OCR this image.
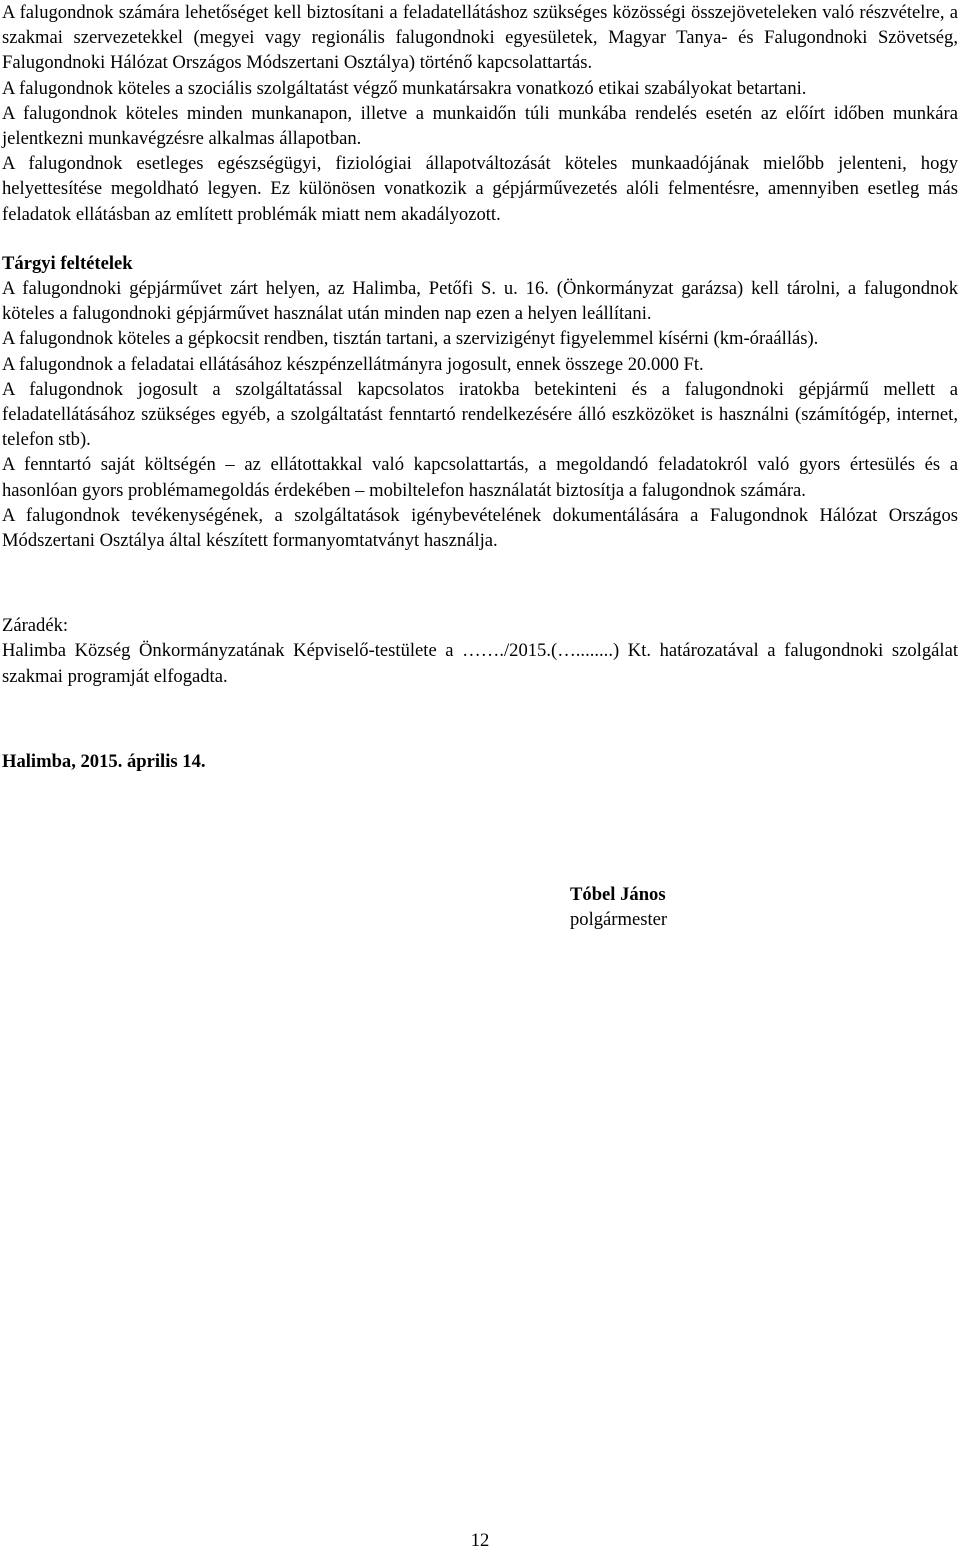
A falugondnok számára lehetőséget kell biztosítani a feladatellátáshoz szükséges közösségi összejöveteleken való részvételre, a szakmai szervezetekkel (megyei vagy regionális falugondnoki egyesületek, Magyar Tanya- és Falugondnoki Szövetség, Falugondnoki Hálózat Országos Módszertani Osztálya) történő kapcsolattartás.

A falugondnok köteles a szociális szolgáltatást végző munkatársakra vonatkozó etikai szabályokat betartani.

A falugondnok köteles minden munkanapon, illetve a munkaidőn túli munkába rendelés esetén az előírt időben munkára jelentkezni munkavégzésre alkalmas állapotban.

A falugondnok esetleges egészségügyi, fiziológiai állapotváltozását köteles munkaadójának mielőbb jelenteni, hogy helyettesítése megoldható legyen. Ez különösen vonatkozik a gépjárművezetés alóli felmentésre, amennyiben esetleg más feladatok ellátásban az említett problémák miatt nem akadályozott.

Tárgyi feltételek

A falugondnoki gépjárművet zárt helyen, az Halimba, Petőfi S. u. 16. (Önkormányzat garázsa) kell tárolni, a falugondnok köteles a falugondnoki gépjárművet használat után minden nap ezen a helyen leállítani.

A falugondnok köteles a gépkocsit rendben, tisztán tartani, a szervizigényt figyelemmel kísérni (km-óraállás).

A falugondnok a feladatai ellátásához készpénzellátmányra jogosult, ennek összege 20.000 Ft.

A falugondnok jogosult a szolgáltatással kapcsolatos iratokba betekinteni és a falugondnoki gépjármű mellett a feladatellátásához szükséges egyéb, a szolgáltatást fenntartó rendelkezésére álló eszközöket is használni (számítógép, internet, telefon stb).

A fenntartó saját költségén – az ellátottakkal való kapcsolattartás, a megoldandó feladatokról való gyors értesülés és a hasonlóan gyors problémamegoldás érdekében – mobiltelefon használatát biztosítja a falugondnok számára.

A falugondnok tevékenységének, a szolgáltatások igénybevételének dokumentálására a Falugondnok Hálózat Országos Módszertani Osztálya által készített formanyomtatványt használja.

Záradék:

Halimba Község Önkormányzatának Képviselő-testülete a ……./2015.(…........) Kt. határozatával a falugondnoki szolgálat szakmai programját elfogadta.

Halimba, 2015. április 14.

Tóbel János
polgármester
12
